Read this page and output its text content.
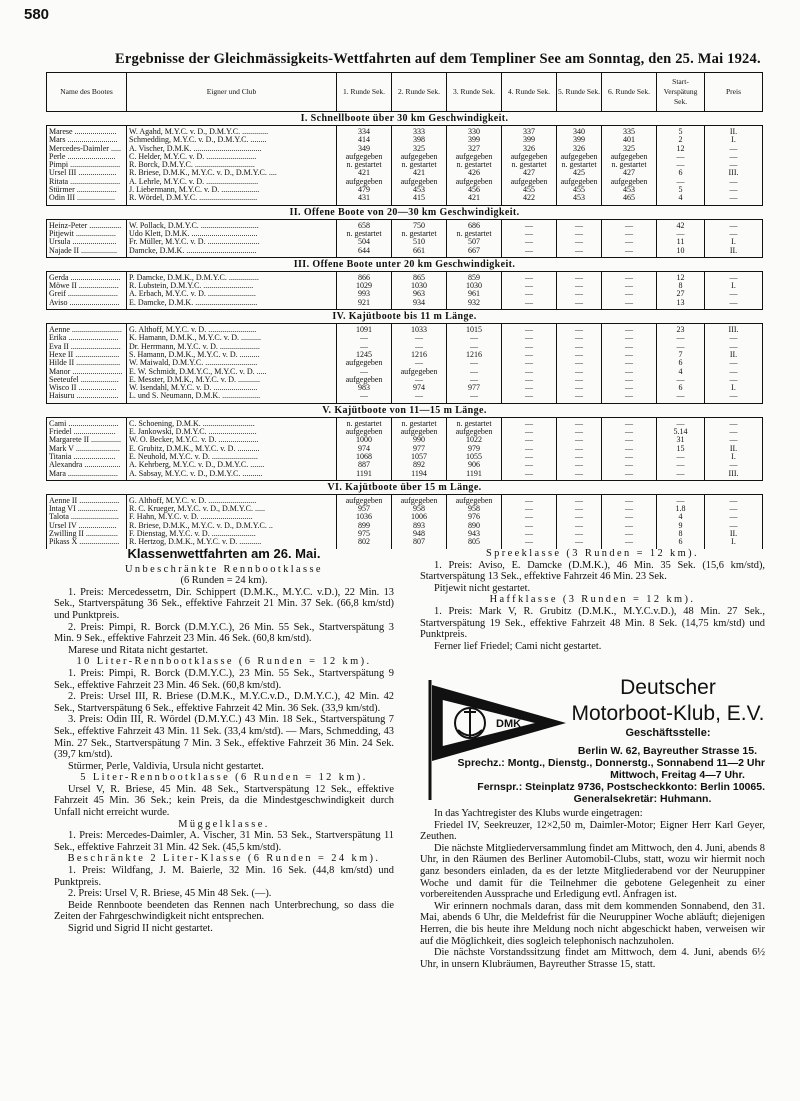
580
Ergebnisse der Gleichmässigkeits-Wettfahrten auf dem Templiner See am Sonntag, den 25. Mai 1924.
Name des Bootes	Eigner und Club	1. Runde Sek.	2. Runde Sek.	3. Runde Sek.	4. Runde Sek.	5. Runde Sek.	6. Runde Sek.	Start-Verspätung Sek.	Preis
I. Schnellboote über 30 km Geschwindigkeit.									
Marese .....................	W. Agahd, M.Y.C. v. D., D.M.Y.C. .............	334	333	330	337	340	335	5	II.
Mars .........................	Schmedding, M.Y.C. v. D., D.M.Y.C. ........	414	398	399	399	399	401	2	I.
Mercedes-Daimler .....	A. Vischer, D.M.K. ..................................	349	325	327	326	326	325	12	—
Perle ........................	C. Helder, M.Y.C. v. D. .........................	aufgegeben	aufgegeben	aufgegeben	aufgegeben	aufgegeben	aufgegeben	—	—
Pimpi .........................	R. Borck, D.M.Y.C. ..............................	n. gestartet	n. gestartet	n. gestartet	n. gestartet	n. gestartet	n. gestartet	—	—
Ursel III ...................	R. Briese, D.M.K., M.Y.C. v. D., D.M.Y.C. ....	421	421	426	427	425	427	6	III.
Ritata .........................	A. Lehrle, M.Y.C. v. D. ..........................	aufgegeben	aufgegeben	aufgegeben	aufgegeben	aufgegeben	aufgegeben	—	—
Stürmer ....................	J. Liebermann, M.Y.C. v. D. ...................	479	453	456	455	455	453	5	—
Odin III ...................	R. Wördel, D.M.Y.C. .............................	431	415	421	422	453	465	4	—
II. Offene Boote von 20—30 km Geschwindigkeit.									
Heinz-Peter ................	W. Pollack, D.M.Y.C. .............................	658	750	686	—	—	—	42	—
Pitjewit ....................	Udo Klett, D.M.K. .................................	n. gestartet	n. gestartet	n. gestartet	—	—	—	—	—
Ursula ......................	Fr. Müller, M.Y.C. v. D. ..........................	504	510	507	—	—	—	11	I.
Najade II ..................	Damcke, D.M.K. ...................................	644	661	667	—	—	—	10	II.
III. Offene Boote unter 20 km Geschwindigkeit.									
Gerda .........................	P. Damcke, D.M.K., D.M.Y.C. ...............	866	865	859	—	—	—	12	—
Möwe II ....................	R. Lubstein, D.M.Y.C. .........................	1029	1030	1030	—	—	—	8	I.
Greif .........................	A. Erbach, M.Y.C. v. D. ........................	993	963	961	—	—	—	27	—
Aviso .........................	E. Damcke, D.M.K. ...............................	921	934	932	—	—	—	13	—
IV. Kajütboote bis 11 m Länge.									
Aenne .........................	G. Althoff, M.Y.C. v. D. ........................	1091	1033	1015	—	—	—	23	III.
Erika .........................	K. Hamann, D.M.K., M.Y.C. v. D. ..........	—	—	—	—	—	—	—	—
Eva II .........................	Dr. Herrmann, M.Y.C. v. D. ....................	—	—	—	—	—	—	—	—
Hexe II ......................	S. Hamann, D.M.K., M.Y.C. v. D. ..........	1245	1216	1216	—	—	—	7	II.
Hilde II ......................	W. Maiwald, D.M.Y.C. ..........................	aufgegeben	—	—	—	—	—	6	—
Manor .........................	E. W. Schmidt, D.M.Y.C., M.Y.C. v. D. .....	—	aufgegeben	—	—	—	—	4	—
Seeteufel ...................	E. Messter, D.M.K., M.Y.C. v. D. ...........	aufgegeben	—	—	—	—	—	—	—
Wisco II ...................	W. Isendahl, M.Y.C. v. D. ......................	983	974	977	—	—	—	6	I.
Haisuru .....................	L. und S. Neumann, D.M.K. ...................	—	—	—	—	—	—	—	—
V. Kajütboote von 11—15 m Länge.									
Cami .........................	C. Schoening, D.M.K. ..........................	n. gestartet	n. gestartet	n. gestartet	—	—	—	—	—
Friedel .....................	E. Jankowski, D.M.Y.C. ........................	aufgegeben	aufgegeben	aufgegeben	—	—	—	5.14	—
Margarete II ...............	W. O. Becker, M.Y.C. v. D. ....................	1000	990	1022	—	—	—	31	—
Mark V ......................	E. Grubitz, D.M.K., M.Y.C. v. D. ...........	974	977	979	—	—	—	15	II.
Titania .....................	E. Neuhold, M.Y.C. v. D. .......................	1068	1057	1055	—	—	—	—	I.
Alexandra ..................	A. Kehrberg, M.Y.C. v. D., D.M.Y.C. .......	887	892	906	—	—	—	—	—
Mara .........................	A. Sabsay, M.Y.C. v. D., D.M.Y.C. ..........	1191	1194	1191	—	—	—	—	III.
VI. Kajütboote über 15 m Länge.									
Aenne II ....................	G. Althoff, M.Y.C. v. D. ........................	aufgegeben	aufgegeben	aufgegeben	—	—	—	—	—
Intag VI ....................	R. C. Krueger, M.Y.C. v. D., D.M.Y.C. .....	957	958	958	—	—	—	1.8	—
Talota ........................	F. Hahn, M.Y.C. v. D. ..........................	1036	1006	976	—	—	—	4	—
Ursel IV ...................	R. Briese, D.M.K., M.Y.C. v. D., D.M.Y.C. ..	899	893	890	—	—	—	9	—
Zwilling II ................	F. Dienstag, M.Y.C. v. D. ......................	975	948	943	—	—	—	8	II.
Pikass X ....................	R. Hertzog, D.M.K., M.Y.C. v. D. ...........	802	807	805	—	—	—	6	I.
Klassenwettfahrten am 26. Mai.

Unbeschränkte Rennbootklasse

(6 Runden = 24 km).

1. Preis: Mercedessetrn, Dir. Schippert (D.M.K., M.Y.C. v.D.), 22 Min. 13 Sek., Startverspätung 36 Sek., effektive Fahrzeit 21 Min. 37 Sek. (66,8 km/std) und Punktpreis.

2. Preis: Pimpi, R. Borck (D.M.Y.C.), 26 Min. 55 Sek., Startverspätung 3 Min. 9 Sek., effektive Fahrzeit 23 Min. 46 Sek. (60,8 km/std).

Marese und Ritata nicht gestartet.

10 Liter-Rennbootklasse (6 Runden = 12 km).

1. Preis: Pimpi, R. Borck (D.M.Y.C.), 23 Min. 55 Sek., Startverspätung 9 Sek., effektive Fahrzeit 23 Min. 46 Sek. (60,8 km/std).

2. Preis: Ursel III, R. Briese (D.M.K., M.Y.C.v.D., D.M.Y.C.), 42 Min. 42 Sek., Startverspätung 6 Sek., effektive Fahrzeit 42 Min. 36 Sek. (33,9 km/std).

3. Preis: Odin III, R. Wördel (D.M.Y.C.) 43 Min. 18 Sek., Startverspätung 7 Sek., effektive Fahrzeit 43 Min. 11 Sek. (33,4 km/std). — Mars, Schmedding, 43 Min. 27 Sek., Startverspätung 7 Min. 3 Sek., effektive Fahrzeit 36 Min. 24 Sek. (39,7 km/std).

Stürmer, Perle, Valdivia, Ursula nicht gestartet.

5 Liter-Rennbootklasse (6 Runden = 12 km).

Ursel V, R. Briese, 45 Min. 48 Sek., Startverspätung 12 Sek., effektive Fahrzeit 45 Min. 36 Sek.; kein Preis, da die Mindestgeschwindigkeit durch Unfall nicht erreicht wurde.

Müggelklasse.

1. Preis: Mercedes-Daimler, A. Vischer, 31 Min. 53 Sek., Startverspätung 11 Sek., effektive Fahrzeit 31 Min. 42 Sek. (45,5 km/std).

Beschränkte 2 Liter-Klasse (6 Runden = 24 km).

1. Preis: Wildfang, J. M. Baierle, 32 Min. 16 Sek. (44,8 km/std) und Punktpreis.

2. Preis: Ursel V, R. Briese, 45 Min 48 Sek. (—).

Beide Rennboote beendeten das Rennen nach Unterbrechung, so dass die Zeiten der Fahrgeschwindigkeit nicht entsprechen.

Sigrid und Sigrid II nicht gestartet.

Spreeklasse (3 Runden = 12 km).

1. Preis: Aviso, E. Damcke (D.M.K.), 46 Min. 35 Sek. (15,6 km/std), Startverspätung 13 Sek., effektive Fahrzeit 46 Min. 23 Sek.

Pitjewit nicht gestartet.

Haffklasse (3 Runden = 12 km).

1. Preis: Mark V, R. Grubitz (D.M.K., M.Y.C.v.D.), 48 Min. 27 Sek., Startverspätung 19 Sek., effektive Fahrzeit 48 Min. 8 Sek. (14,75 km/std) und Punktpreis.

Ferner lief Friedel; Cami nicht gestartet.

DMK
Deutscher
Motorboot-Klub, E.V.
Geschäftsstelle:
Berlin W. 62, Bayreuther Strasse 15.
Sprechz.: Montg., Dienstg., Donnerstg., Sonnabend 11—2 Uhr
Mittwoch, Freitag 4—7 Uhr.
Fernspr.: Steinplatz 9736, Postscheckkonto: Berlin 10065.
Generalsekretär: Huhmann.

In das Yachtregister des Klubs wurde eingetragen:

Friedel IV, Seekreuzer, 12×2,50 m, Daimler-Motor; Eigner Herr Karl Geyer, Zeuthen.

Die nächste Mitgliederversammlung findet am Mittwoch, den 4. Juni, abends 8 Uhr, in den Räumen des Berliner Automobil-Clubs, statt, wozu wir hiermit noch ganz besonders einladen, da es der letzte Mitgliederabend vor der Neuruppiner Woche und damit für die Teilnehmer die gebotene Gelegenheit zu einer vorbereitenden Aussprache und Erledigung evtl. Anfragen ist.

Wir erinnern nochmals daran, dass mit dem kommenden Sonnabend, den 31. Mai, abends 6 Uhr, die Meldefrist für die Neuruppiner Woche abläuft; diejenigen Herren, die bis heute ihre Meldung noch nicht abgeschickt haben, verweisen wir auf die Möglichkeit, dies sogleich telephonisch nachzuholen.

Die nächste Vorstandssitzung findet am Mittwoch, dem 4. Juni, abends 6½ Uhr, in unsern Klubräumen, Bayreuther Strasse 15, statt.
